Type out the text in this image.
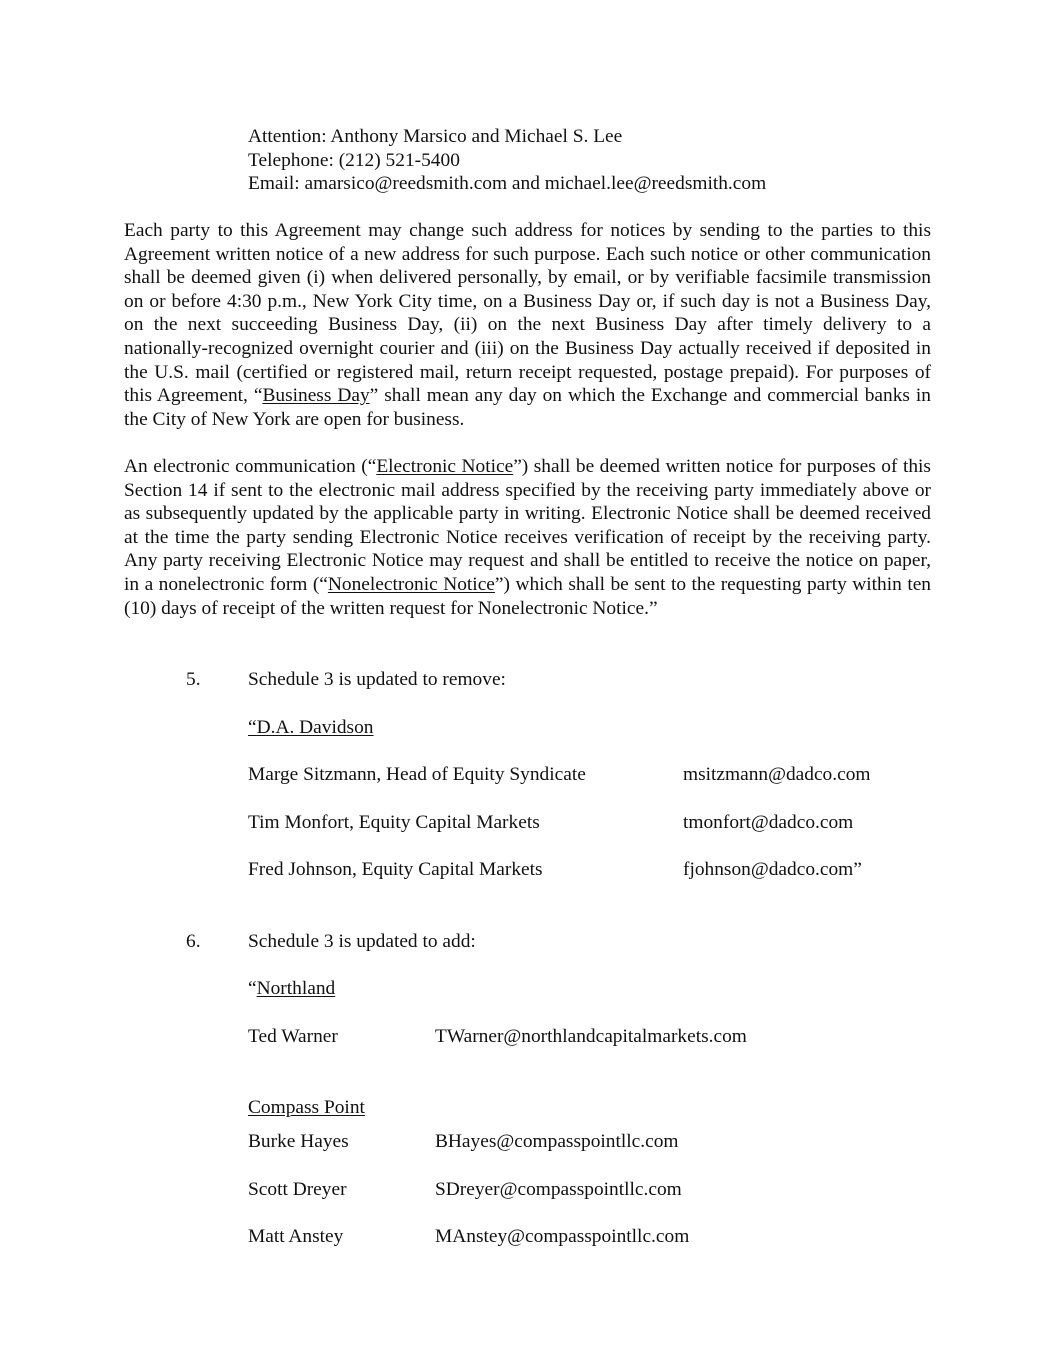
Attention: Anthony Marsico and Michael S. Lee
Telephone: (212) 521-5400
Email: amarsico@reedsmith.com and michael.lee@reedsmith.com

Each party to this Agreement may change such address for notices by sending to the parties to this Agreement written notice of a new address for such purpose. Each such notice or other communication shall be deemed given (i) when delivered personally, by email, or by verifiable facsimile transmission on or before 4:30 p.m., New York City time, on a Business Day or, if such day is not a Business Day, on the next succeeding Business Day, (ii) on the next Business Day after timely delivery to a nationally-recognized overnight courier and (iii) on the Business Day actually received if deposited in the U.S. mail (certified or registered mail, return receipt requested, postage prepaid). For purposes of this Agreement, “Business Day” shall mean any day on which the Exchange and commercial banks in the City of New York are open for business.

An electronic communication (“Electronic Notice”) shall be deemed written notice for purposes of this Section 14 if sent to the electronic mail address specified by the receiving party immediately above or as subsequently updated by the applicable party in writing. Electronic Notice shall be deemed received at the time the party sending Electronic Notice receives verification of receipt by the receiving party. Any party receiving Electronic Notice may request and shall be entitled to receive the notice on paper, in a nonelectronic form (“Nonelectronic Notice”) which shall be sent to the requesting party within ten (10) days of receipt of the written request for Nonelectronic Notice.”

5. Schedule 3 is updated to remove:
“D.A. Davidson
Marge Sitzmann, Head of Equity Syndicate	msitzmann@dadco.com
Tim Monfort, Equity Capital Markets	tmonfort@dadco.com
Fred Johnson, Equity Capital Markets	fjohnson@dadco.com”
6. Schedule 3 is updated to add:
“Northland
Ted Warner	TWarner@northlandcapitalmarkets.com
Compass Point
Burke Hayes	BHayes@compasspointllc.com
Scott Dreyer	SDreyer@compasspointllc.com
Matt Anstey	MAnstey@compasspointllc.com
